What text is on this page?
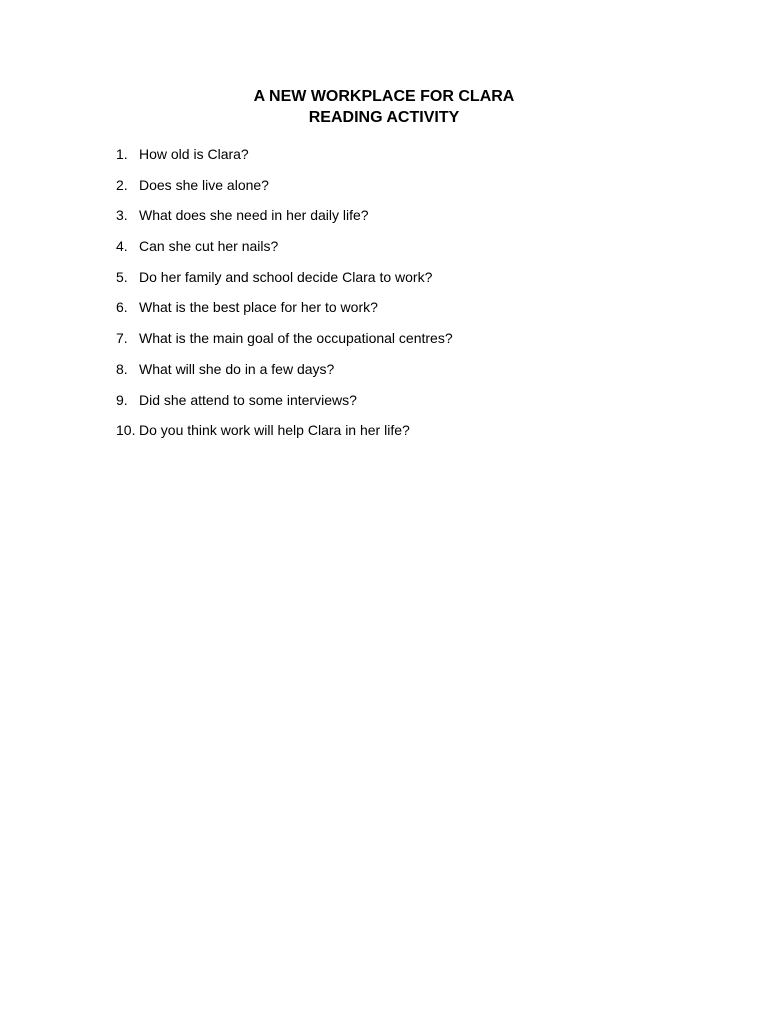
A NEW WORKPLACE FOR CLARA

READING ACTIVITY

1. How old is Clara?
2. Does she live alone?
3. What does she need in her daily life?
4. Can she cut her nails?
5. Do her family and school decide Clara to work?
6. What is the best place for her to work?
7. What is the main goal of the occupational centres?
8. What will she do in a few days?
9. Did she attend to some interviews?
10. Do you think work will help Clara in her life?
